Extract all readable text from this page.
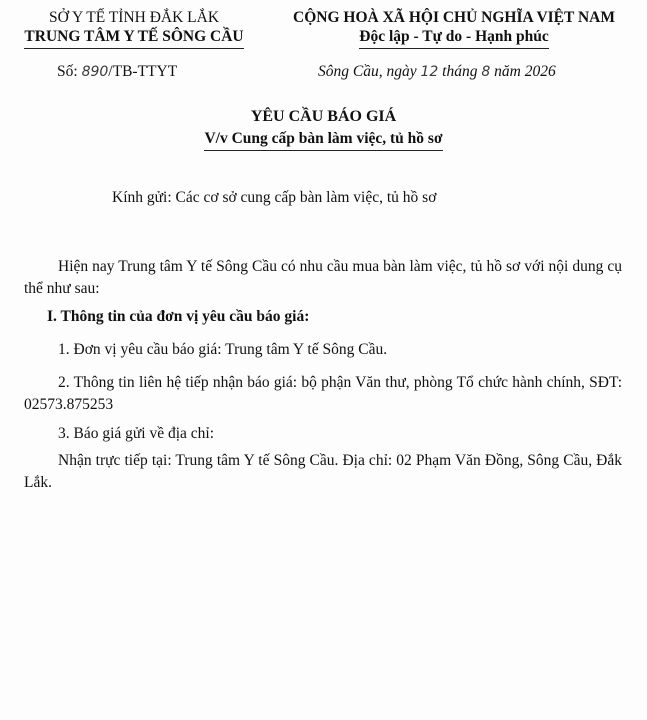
SỞ Y TẾ TỈNH ĐẮK LẮK
TRUNG TÂM Y TẾ SÔNG CẦU
CỘNG HOÀ XÃ HỘI CHỦ NGHĨA VIỆT NAM
Độc lập - Tự do - Hạnh phúc
Số: 890/TB-TTYT	Sông Cầu, ngày 12 tháng 8 năm 2026
YÊU CẦU BÁO GIÁ
V/v Cung cấp bàn làm việc, tủ hồ sơ
Kính gửi: Các cơ sở cung cấp bàn làm việc, tủ hồ sơ
Hiện nay Trung tâm Y tế Sông Cầu có nhu cầu mua bàn làm việc, tủ hồ sơ với nội dung cụ thể như sau:
I. Thông tin của đơn vị yêu cầu báo giá:
1. Đơn vị yêu cầu báo giá: Trung tâm Y tế Sông Cầu.
2. Thông tin liên hệ tiếp nhận báo giá: bộ phận Văn thư, phòng Tổ chức hành chính, SĐT: 02573.875253
3. Báo giá gửi về địa chỉ:
Nhận trực tiếp tại: Trung tâm Y tế Sông Cầu. Địa chỉ: 02 Phạm Văn Đồng, Sông Cầu, Đắk Lắk.
